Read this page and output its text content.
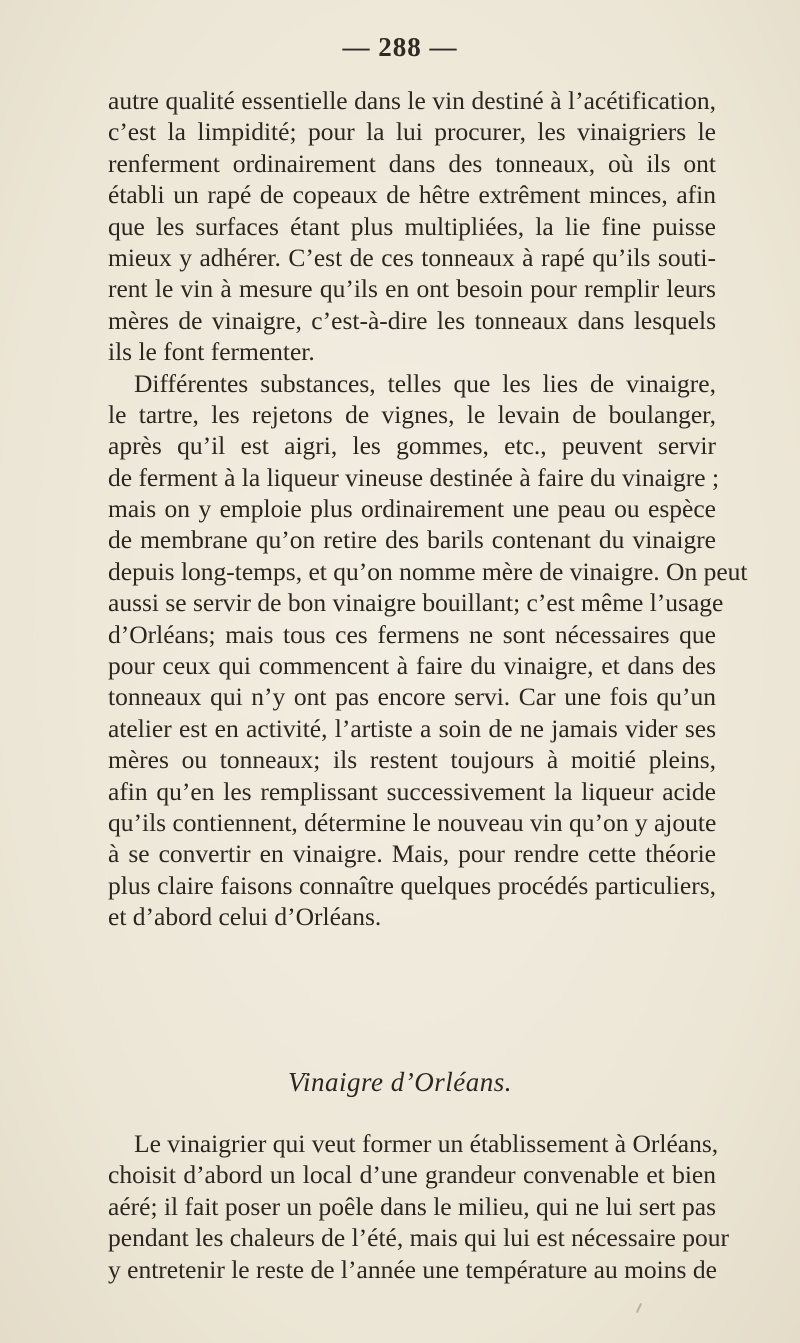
— 288 —
autre qualité essentielle dans le vin destiné à l’acétification,
c’est la limpidité; pour la lui procurer, les vinaigriers le
renferment ordinairement dans des tonneaux, où ils ont
établi un rapé de copeaux de hêtre extrêment minces, afin
que les surfaces étant plus multipliées, la lie fine puisse
mieux y adhérer. C’est de ces tonneaux à rapé qu’ils souti-
rent le vin à mesure qu’ils en ont besoin pour remplir leurs
mères de vinaigre, c’est-à-dire les tonneaux dans lesquels
ils le font fermenter.
Différentes substances, telles que les lies de vinaigre,
le tartre, les rejetons de vignes, le levain de boulanger,
après qu’il est aigri, les gommes, etc., peuvent servir
de ferment à la liqueur vineuse destinée à faire du vinaigre ;
mais on y emploie plus ordinairement une peau ou espèce
de membrane qu’on retire des barils contenant du vinaigre
depuis long-temps, et qu’on nomme mère de vinaigre. On peut
aussi se servir de bon vinaigre bouillant; c’est même l’usage
d’Orléans; mais tous ces fermens ne sont nécessaires que
pour ceux qui commencent à faire du vinaigre, et dans des
tonneaux qui n’y ont pas encore servi. Car une fois qu’un
atelier est en activité, l’artiste a soin de ne jamais vider ses
mères ou tonneaux; ils restent toujours à moitié pleins,
afin qu’en les remplissant successivement la liqueur acide
qu’ils contiennent, détermine le nouveau vin qu’on y ajoute
à se convertir en vinaigre. Mais, pour rendre cette théorie
plus claire faisons connaître quelques procédés particuliers,
et d’abord celui d’Orléans.
Vinaigre d’Orléans.
Le vinaigrier qui veut former un établissement à Orléans,
choisit d’abord un local d’une grandeur convenable et bien
aéré; il fait poser un poêle dans le milieu, qui ne lui sert pas
pendant les chaleurs de l’été, mais qui lui est nécessaire pour
y entretenir le reste de l’année une température au moins de
